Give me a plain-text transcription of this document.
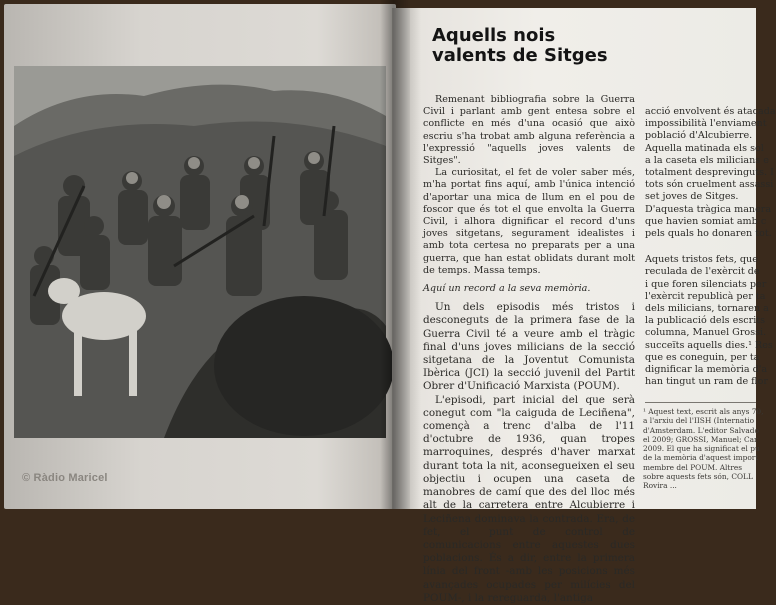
© Ràdio Maricel
Aquells nois valents de Sitges

Remenant bibliografia sobre la Guerra Civil i parlant amb gent entesa sobre el conflicte en més d'una ocasió que això escriu s'ha trobat amb alguna referència a l'expressió "aquells joves valents de Sitges".

La curiositat, el fet de voler saber més, m'ha portat fins aquí, amb l'única intenció d'aportar una mica de llum en el pou de foscor que és tot el que envolta la Guerra Civil, i alhora dignificar el record d'uns joves sitgetans, segurament idealistes i amb tota certesa no preparats per a una guerra, que han estat oblidats durant molt de temps. Massa temps.

Aquí un record a la seva memòria.

Un dels episodis més tristos i desconeguts de la primera fase de la Guerra Civil té a veure amb el tràgic final d'uns joves milicians de la secció sitgetana de la Joventut Comunista Ibèrica (JCI) la secció juvenil del Partit Obrer d'Unificació Marxista (POUM).

L'episodi, part inicial del que serà conegut com "la caiguda de Leciñena", començà a trenc d'alba de l'11 d'octubre de 1936, quan tropes marroquines, després d'haver marxat durant tota la nit, aconsegueixen el seu objectiu i ocupen una caseta de manobres de camí que des del lloc més alt de la carretera entre Alcubierre i Leciñena dominava la contrada. Era, de fet, el punt de control de comunicacions entre aquestes dues poblacions. És a dir, entre la primera línia del front -amb les posicions més avançades ocupades per milícies del POUM-, i la rereguarda, l'antiga

acció envolvent és atacada

impossibilità l'enviament

població d'Alcubierre.

Aquella matinada els sol

a la caseta els milicians e

totalment desprevinguts. I

tots són cruelment assassi

set joves de Sitges.

D'aquesta tràgica manera

que havien somiat amb c

pels quals ho donaren tot.

Aquets tristos fets, que

reculada de l'exèrcit de

i que foren silenciats per

l'exèrcit republicà per ta

dels milicians, tornaren a

la publicació dels escrits

columna, Manuel Grossi.

succeïts aquells dies.¹ Res

que es coneguin, per ta

dignificar la memòria d'a

han tingut un ram de flor

¹ Aquest text, escrit als anys 70,

a l'arxiu del l'IISH (Internatio

d'Amsterdam. L'editor Salvado

el 2009; GROSSI, Manuel; Car

2009. El que ha significat el pu

de la memòria d'aquest import

membre del POUM. Altres

sobre aquests fets són, COLL

Rovira ...
